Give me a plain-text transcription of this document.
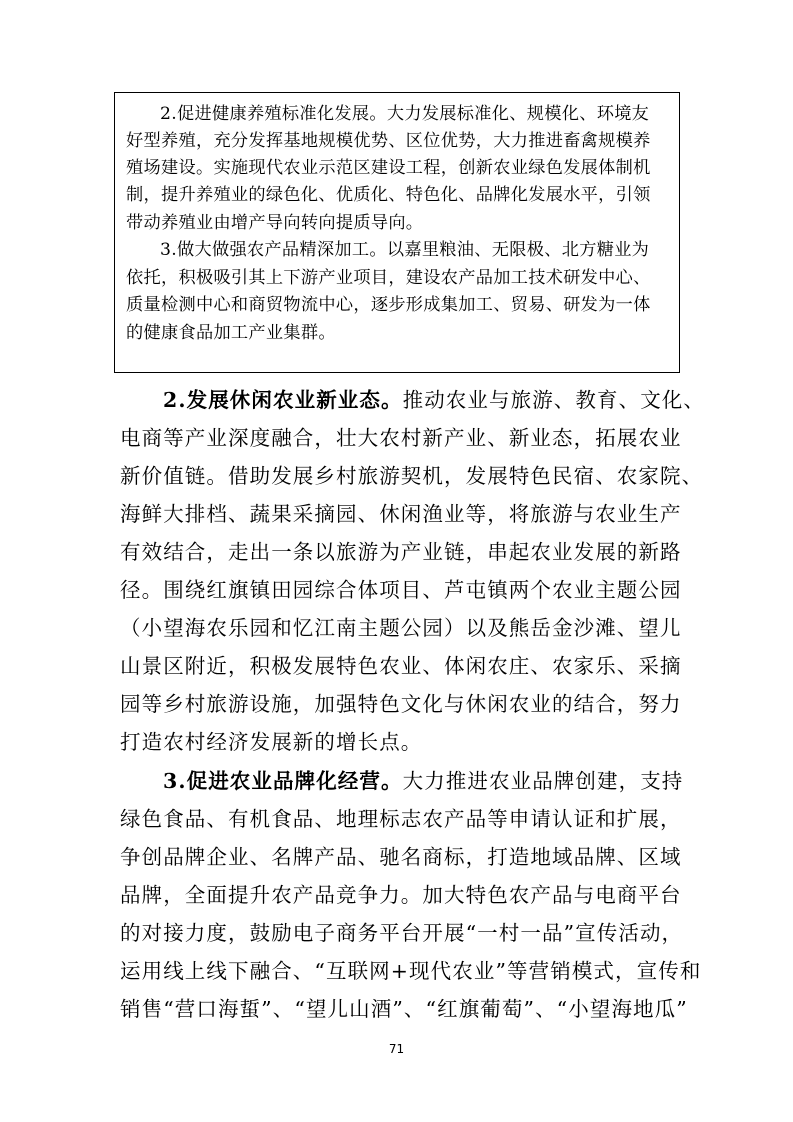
2.促进健康养殖标准化发展。大力发展标准化、规模化、环境友
好型养殖，充分发挥基地规模优势、区位优势，大力推进畜禽规模养
殖场建设。实施现代农业示范区建设工程，创新农业绿色发展体制机
制，提升养殖业的绿色化、优质化、特色化、品牌化发展水平，引领
带动养殖业由增产导向转向提质导向。
3.做大做强农产品精深加工。以嘉里粮油、无限极、北方糖业为
依托，积极吸引其上下游产业项目，建设农产品加工技术研发中心、
质量检测中心和商贸物流中心，逐步形成集加工、贸易、研发为一体
的健康食品加工产业集群。
2.发展休闲农业新业态。推动农业与旅游、教育、文化、
电商等产业深度融合，壮大农村新产业、新业态，拓展农业
新价值链。借助发展乡村旅游契机，发展特色民宿、农家院、
海鲜大排档、蔬果采摘园、休闲渔业等，将旅游与农业生产
有效结合，走出一条以旅游为产业链，串起农业发展的新路
径。围绕红旗镇田园综合体项目、芦屯镇两个农业主题公园
（小望海农乐园和忆江南主题公园）以及熊岳金沙滩、望儿
山景区附近，积极发展特色农业、体闲农庄、农家乐、采摘
园等乡村旅游设施，加强特色文化与休闲农业的结合，努力
打造农村经济发展新的增长点。
3.促进农业品牌化经营。大力推进农业品牌创建，支持
绿色食品、有机食品、地理标志农产品等申请认证和扩展，
争创品牌企业、名牌产品、驰名商标，打造地域品牌、区域
品牌，全面提升农产品竞争力。加大特色农产品与电商平台
的对接力度，鼓励电子商务平台开展“一村一品”宣传活动，
运用线上线下融合、“互联网+现代农业”等营销模式，宣传和
销售“营口海蜇”、“望儿山酒”、“红旗葡萄”、“小望海地瓜”
71
